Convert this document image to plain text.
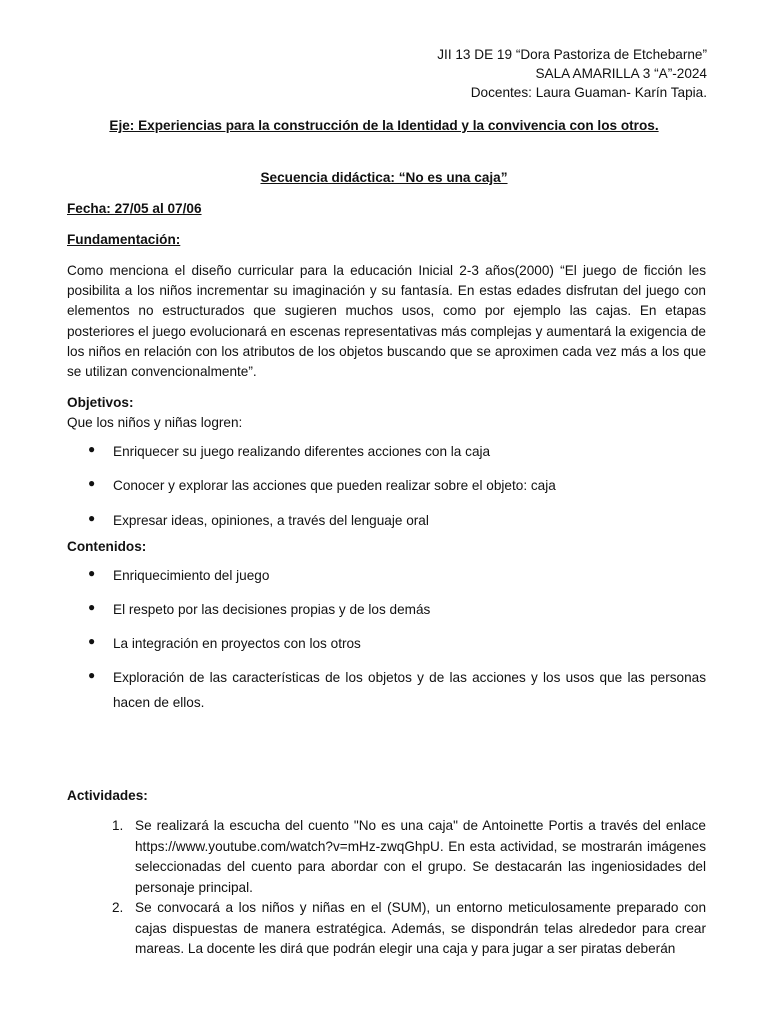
JII 13 DE 19 “Dora Pastoriza de Etchebarne”
SALA AMARILLA 3 “A”-2024
Docentes: Laura Guaman- Karín Tapia.
Eje: Experiencias para la construcción de la Identidad y la convivencia con los otros.
Secuencia didáctica: “No es una caja”
Fecha: 27/05 al 07/06
Fundamentación:
Como menciona el diseño curricular para la educación Inicial 2-3 años(2000) “El juego de ficción les posibilita a los niños incrementar su imaginación y su fantasía. En estas edades disfrutan del juego con elementos no estructurados que sugieren muchos usos, como por ejemplo las cajas. En etapas posteriores el juego evolucionará en escenas representativas más complejas y aumentará la exigencia de los niños en relación con los atributos de los objetos buscando que se aproximen cada vez más a los que se utilizan convencionalmente”.
Objetivos:
Que los niños y niñas logren:
●	Enriquecer su juego realizando diferentes acciones con la caja
●	Conocer y explorar las acciones que pueden realizar sobre el objeto: caja
●	Expresar ideas, opiniones, a través del lenguaje oral
Contenidos:
●	Enriquecimiento del juego
●	El respeto por las decisiones propias y de los demás
●	La integración en proyectos con los otros
●	Exploración de las características de los objetos y de las acciones y los usos que las personas hacen de ellos.
Actividades:
1. Se realizará la escucha del cuento "No es una caja" de Antoinette Portis a través del enlace https://www.youtube.com/watch?v=mHz-zwqGhpU. En esta actividad, se mostrarán imágenes seleccionadas del cuento para abordar con el grupo. Se destacarán las ingeniosidades del personaje principal.
2. Se convocará a los niños y niñas en el (SUM), un entorno meticulosamente preparado con cajas dispuestas de manera estratégica. Además, se dispondrán telas alrededor para crear mareas. La docente les dirá que podrán elegir una caja y para jugar a ser piratas deberán
